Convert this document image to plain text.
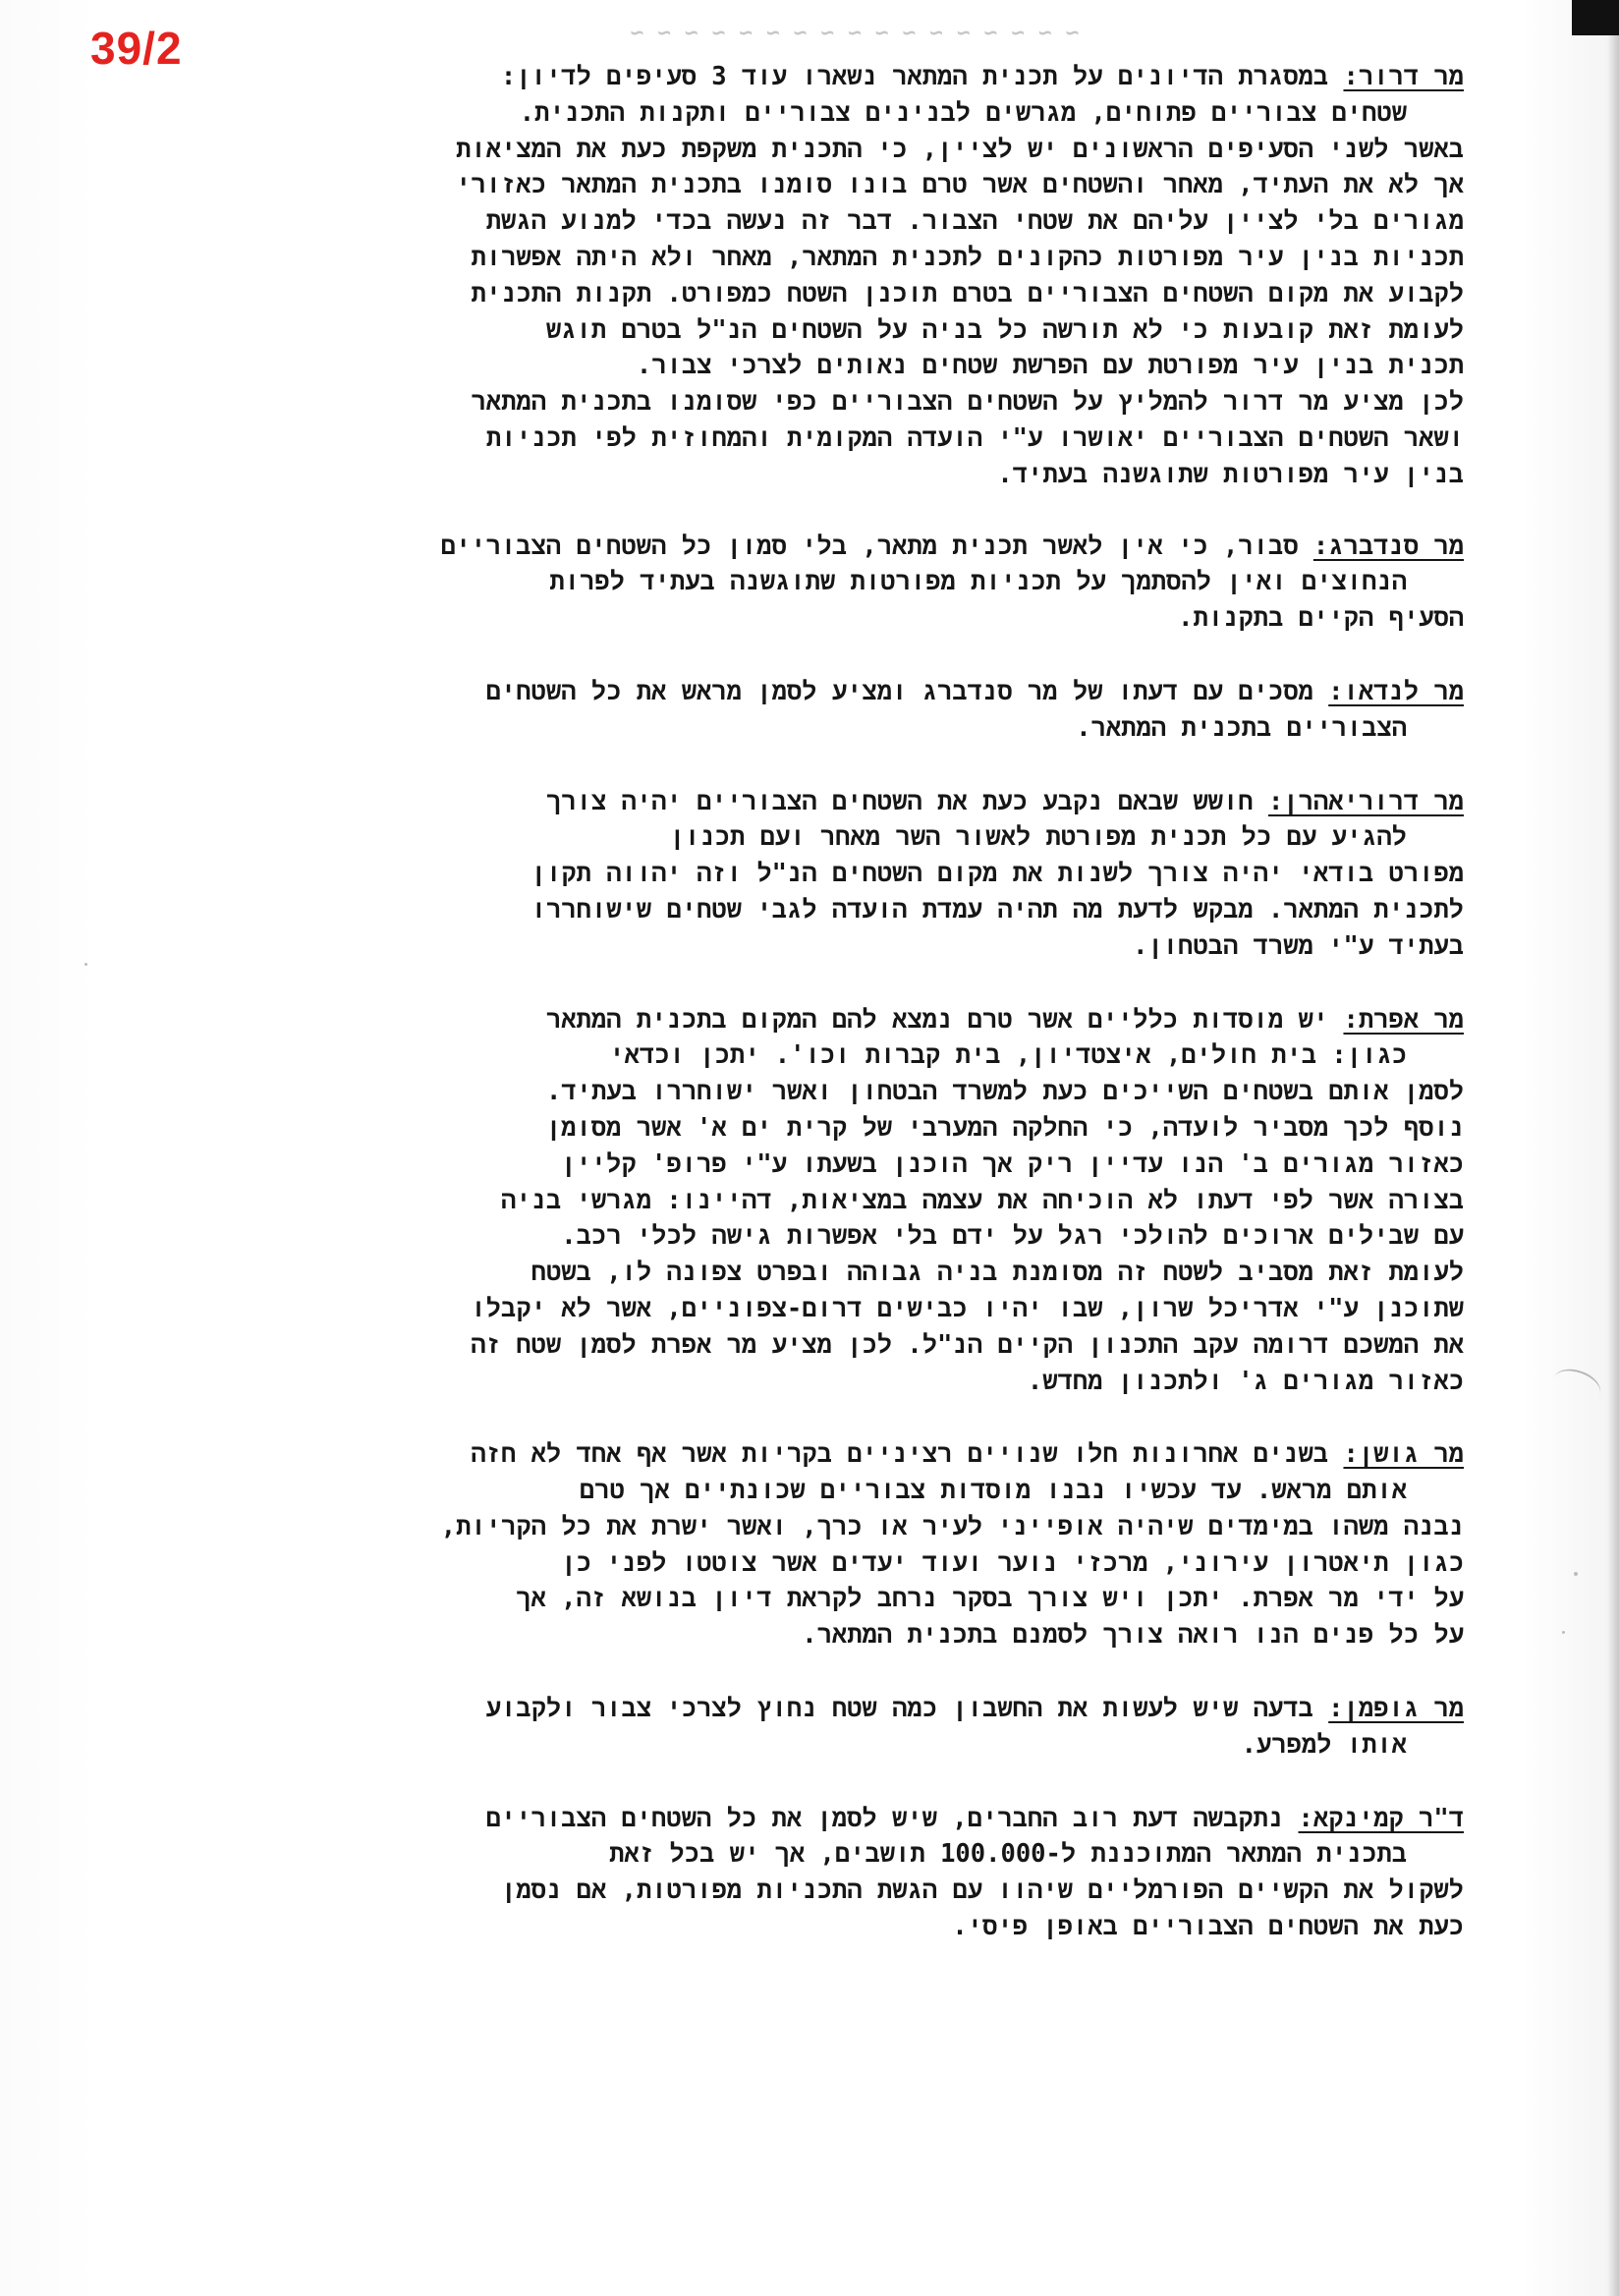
39/2	~ ~ ~ ~ ~ ~ ~ ~ ~ ~ ~ ~ ~ ~ ~ ~ ~
מר דרור: במסגרת הדיונים על תכנית המתאר נשארו עוד 3 סעיפים לדיון:
שטחים צבוריים פתוחים, מגרשים לבנינים צבוריים ותקנות התכנית.
באשר לשני הסעיפים הראשונים יש לציין, כי התכנית משקפת כעת את המציאות
אך לא את העתיד, מאחר והשטחים אשר טרם בונו סומנו בתכנית המתאר כאזורי
מגורים בלי לציין עליהם את שטחי הצבור. דבר זה נעשה בכדי למנוע הגשת
תכניות בנין עיר מפורטות כהקונים לתכנית המתאר, מאחר ולא היתה אפשרות
לקבוע את מקום השטחים הצבוריים בטרם תוכנן השטח כמפורט. תקנות התכנית
לעומת זאת קובעות כי לא תורשה כל בניה על השטחים הנ"ל בטרם תוגש
תכנית בנין עיר מפורטת עם הפרשת שטחים נאותים לצרכי צבור.
לכן מציע מר דרור להמליץ על השטחים הצבוריים כפי שסומנו בתכנית המתאר
ושאר השטחים הצבוריים יאושרו ע"י הועדה המקומית והמחוזית לפי תכניות
בנין עיר מפורטות שתוגשנה בעתיד.
מר סנדברג: סבור, כי אין לאשר תכנית מתאר, בלי סמון כל השטחים הצבוריים
הנחוצים ואין להסתמך על תכניות מפורטות שתוגשנה בעתיד לפרות
הסעיף הקיים בתקנות.
מר לנדאו: מסכים עם דעתו של מר סנדברג ומציע לסמן מראש את כל השטחים
הצבוריים בתכנית המתאר.
מר דרוריאהרן: חושש שבאם נקבע כעת את השטחים הצבוריים יהיה צורך
להגיע עם כל תכנית מפורטת לאשור השר מאחר ועם תכנון
מפורט בודאי יהיה צורך לשנות את מקום השטחים הנ"ל וזה יהווה תקון
לתכנית המתאר. מבקש לדעת מה תהיה עמדת הועדה לגבי שטחים שישוחררו
בעתיד ע"י משרד הבטחון.
מר אפרת: יש מוסדות כלליים אשר טרם נמצא להם המקום בתכנית המתאר
כגון: בית חולים, איצטדיון, בית קברות וכו'. יתכן וכדאי
לסמן אותם בשטחים השייכים כעת למשרד הבטחון ואשר ישוחררו בעתיד.
נוסף לכך מסביר לועדה, כי החלקה המערבי של קרית ים א' אשר מסומן
כאזור מגורים ב' הנו עדיין ריק אך הוכנן בשעתו ע"י פרופ' קליין
בצורה אשר לפי דעתו לא הוכיחה את עצמה במציאות, דהיינו: מגרשי בניה
עם שבילים ארוכים להולכי רגל על ידם בלי אפשרות גישה לכלי רכב.
לעומת זאת מסביב לשטח זה מסומנת בניה גבוהה ובפרט צפונה לו, בשטח
שתוכנן ע"י אדריכל שרון, שבו יהיו כבישים דרום-צפוניים, אשר לא יקבלו
את המשכם דרומה עקב התכנון הקיים הנ"ל. לכן מציע מר אפרת לסמן שטח זה
כאזור מגורים ג' ולתכנון מחדש.
מר גושן: בשנים אחרונות חלו שנויים רציניים בקריות אשר אף אחד לא חזה
אותם מראש. עד עכשיו נבנו מוסדות צבוריים שכונתיים אך טרם
נבנה משהו במימדים שיהיה אופייני לעיר או כרך, ואשר ישרת את כל הקריות,
כגון תיאטרון עירוני, מרכזי נוער ועוד יעדים אשר צוטטו לפני כן
על ידי מר אפרת. יתכן ויש צורך בסקר נרחב לקראת דיון בנושא זה, אך
על כל פנים הנו רואה צורך לסמנם בתכנית המתאר.
מר גופמן: בדעה שיש לעשות את החשבון כמה שטח נחוץ לצרכי צבור ולקבוע
אותו למפרע.
ד"ר קמינקא: נתקבשה דעת רוב החברים, שיש לסמן את כל השטחים הצבוריים
בתכנית המתאר המתוכננת ל-100.000 תושבים, אך יש בכל זאת
לשקול את הקשיים הפורמליים שיהוו עם הגשת התכניות מפורטות, אם נסמן
כעת את השטחים הצבוריים באופן פיסי.
